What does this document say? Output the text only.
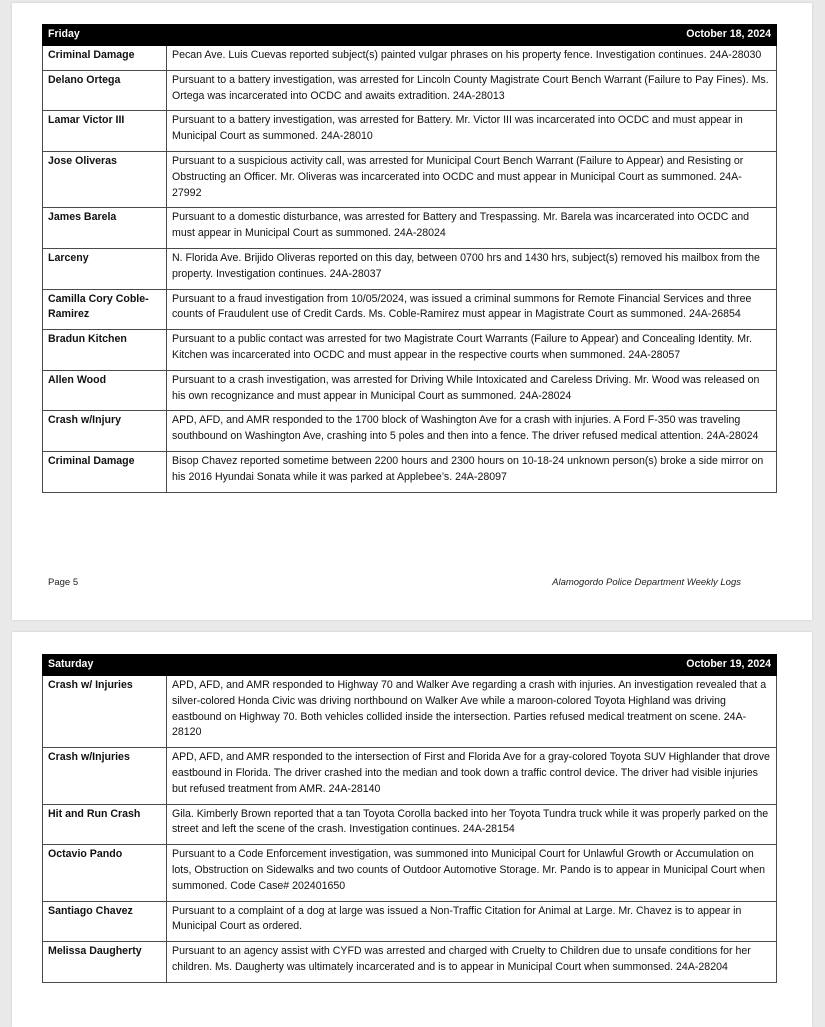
Friday	October 18, 2024
Criminal Damage	Pecan Ave. Luis Cuevas reported subject(s) painted vulgar phrases on his property fence. Investigation continues. 24A-28030
Delano Ortega	Pursuant to a battery investigation, was arrested for Lincoln County Magistrate Court Bench Warrant (Failure to Pay Fines). Ms. Ortega was incarcerated into OCDC and awaits extradition. 24A-28013
Lamar Victor III	Pursuant to a battery investigation, was arrested for Battery. Mr. Victor III was incarcerated into OCDC and must appear in Municipal Court as summoned. 24A-28010
Jose Oliveras	Pursuant to a suspicious activity call, was arrested for Municipal Court Bench Warrant (Failure to Appear) and Resisting or Obstructing an Officer. Mr. Oliveras was incarcerated into OCDC and must appear in Municipal Court as summoned. 24A-27992
James Barela	Pursuant to a domestic disturbance, was arrested for Battery and Trespassing. Mr. Barela was incarcerated into OCDC and must appear in Municipal Court as summoned. 24A-28024
Larceny	N. Florida Ave. Brijido Oliveras reported on this day, between 0700 hrs and 1430 hrs, subject(s) removed his mailbox from the property. Investigation continues. 24A-28037
Camilla Cory Coble-Ramirez	Pursuant to a fraud investigation from 10/05/2024, was issued a criminal summons for Remote Financial Services and three counts of Fraudulent use of Credit Cards. Ms. Coble-Ramirez must appear in Magistrate Court as summoned. 24A-26854
Bradun Kitchen	Pursuant to a public contact was arrested for two Magistrate Court Warrants (Failure to Appear) and Concealing Identity. Mr. Kitchen was incarcerated into OCDC and must appear in the respective courts when summoned. 24A-28057
Allen Wood	Pursuant to a crash investigation, was arrested for Driving While Intoxicated and Careless Driving. Mr. Wood was released on his own recognizance and must appear in Municipal Court as summoned. 24A-28024
Crash w/Injury	APD, AFD, and AMR responded to the 1700 block of Washington Ave for a crash with injuries. A Ford F-350 was traveling southbound on Washington Ave, crashing into 5 poles and then into a fence. The driver refused medical attention. 24A-28024
Criminal Damage	Bisop Chavez reported sometime between 2200 hours and 2300 hours on 10-18-24 unknown person(s) broke a side mirror on his 2016 Hyundai Sonata while it was parked at Applebee’s. 24A-28097
Page 5	Alamogordo Police Department Weekly Logs
Saturday	October 19, 2024
Crash w/ Injuries	APD, AFD, and AMR responded to Highway 70 and Walker Ave regarding a crash with injuries. An investigation revealed that a silver-colored Honda Civic was driving northbound on Walker Ave while a maroon-colored Toyota Highland was driving eastbound on Highway 70. Both vehicles collided inside the intersection. Parties refused medical treatment on scene. 24A-28120
Crash w/Injuries	APD, AFD, and AMR responded to the intersection of First and Florida Ave for a gray-colored Toyota SUV Highlander that drove eastbound in Florida. The driver crashed into the median and took down a traffic control device. The driver had visible injuries but refused treatment from AMR. 24A-28140
Hit and Run Crash	Gila. Kimberly Brown reported that a tan Toyota Corolla backed into her Toyota Tundra truck while it was properly parked on the street and left the scene of the crash. Investigation continues. 24A-28154
Octavio Pando	Pursuant to a Code Enforcement investigation, was summoned into Municipal Court for Unlawful Growth or Accumulation on lots, Obstruction on Sidewalks and two counts of Outdoor Automotive Storage. Mr. Pando is to appear in Municipal Court when summoned. Code Case# 202401650
Santiago Chavez	Pursuant to a complaint of a dog at large was issued a Non-Traffic Citation for Animal at Large. Mr. Chavez is to appear in Municipal Court as ordered.
Melissa Daugherty	Pursuant to an agency assist with CYFD was arrested and charged with Cruelty to Children due to unsafe conditions for her children. Ms. Daugherty was ultimately incarcerated and is to appear in Municipal Court when summonsed. 24A-28204
